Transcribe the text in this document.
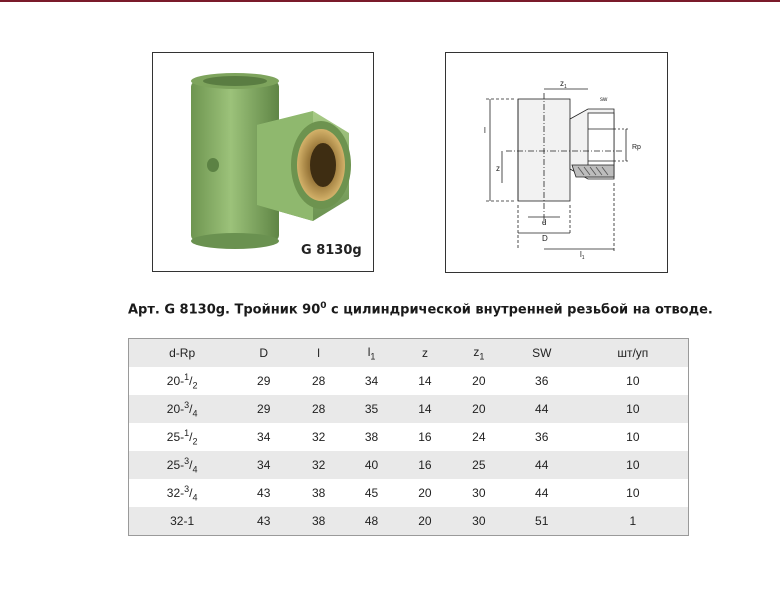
G 8130g
$z_1$
sw
l
z
Rp
d
D
$l_1$
Арт. G 8130g. Тройник $90^0$ с цилиндрической внутренней резьбой на отводе.
d-Rp	D	l	$l_1$	z	$z_1$	SW	шт/уп
$20-^1/_2$	29	28	34	14	20	36	10
$20-^3/_4$	29	28	35	14	20	44	10
$25-^1/_2$	34	32	38	16	24	36	10
$25-^3/_4$	34	32	40	16	25	44	10
$32-^3/_4$	43	38	45	20	30	44	10
32-1	43	38	48	20	30	51	1
